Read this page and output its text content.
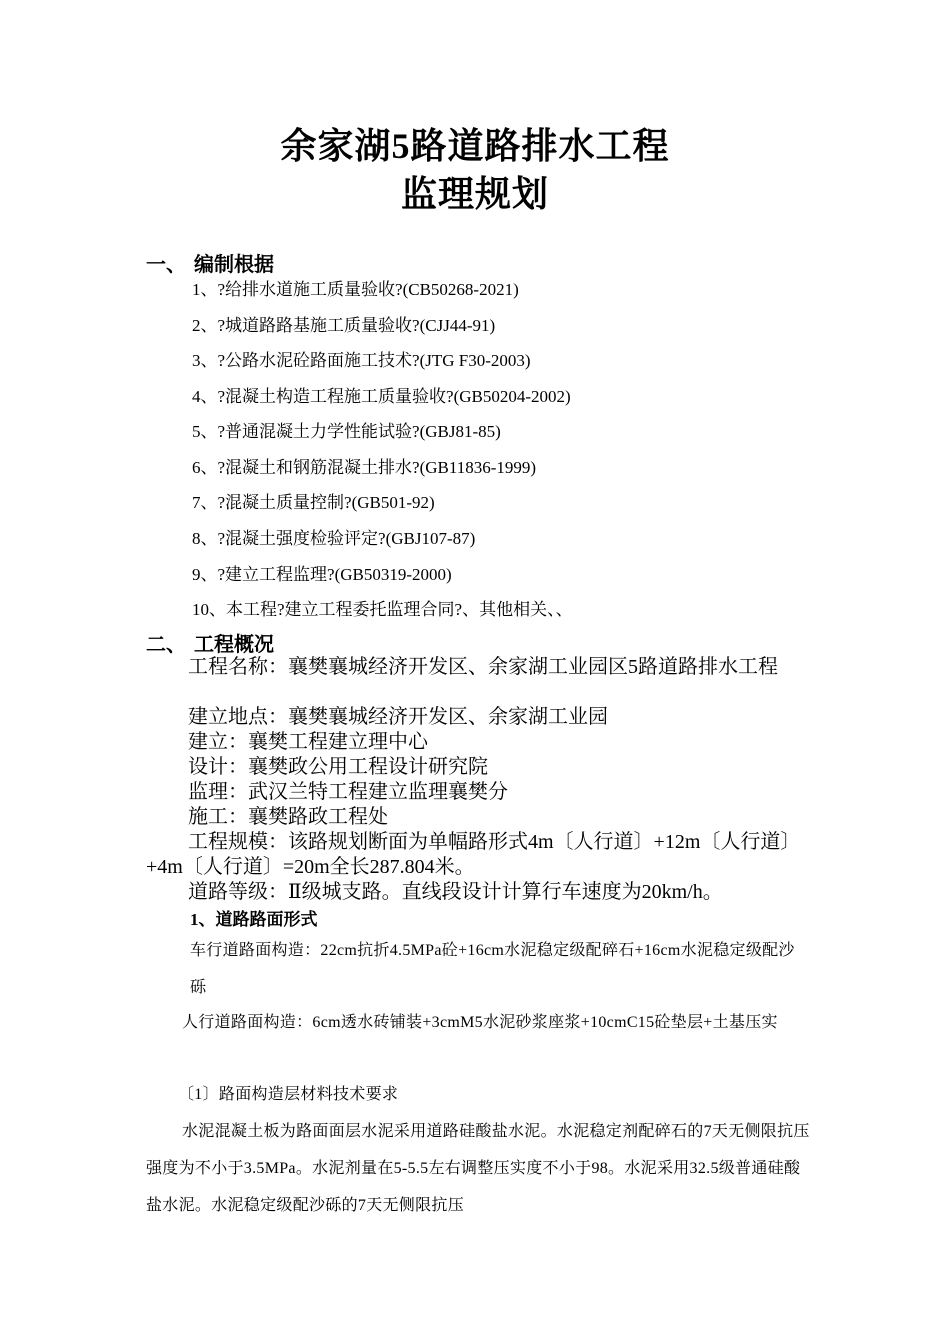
余家湖5路道路排水工程
监理规划
一、 编制根据
1、?给排水道施工质量验收?(CB50268-2021)
2、?城道路路基施工质量验收?(CJJ44-91)
3、?公路水泥砼路面施工技术?(JTG F30-2003)
4、?混凝土构造工程施工质量验收?(GB50204-2002)
5、?普通混凝土力学性能试验?(GBJ81-85)
6、?混凝土和钢筋混凝土排水?(GB11836-1999)
7、?混凝土质量控制?(GB501-92)
8、?混凝土强度检验评定?(GBJ107-87)
9、?建立工程监理?(GB50319-2000)
10、本工程?建立工程委托监理合同?、其他相关、、
二、 工程概况
工程名称：襄樊襄城经济开发区、余家湖工业园区5路道路排水工程
建立地点：襄樊襄城经济开发区、余家湖工业园
建立：襄樊工程建立理中心
设计：襄樊政公用工程设计研究院
监理：武汉兰特工程建立监理襄樊分
施工：襄樊路政工程处
工程规模：该路规划断面为单幅路形式4m〔人行道〕+12m〔人行道〕+4m〔人行道〕=20m全长287.804米。
道路等级：Ⅱ级城支路。直线段设计计算行车速度为20km/h。
1、道路路面形式
车行道路面构造：22cm抗折4.5MPa砼+16cm水泥稳定级配碎石+16cm水泥稳定级配沙砾
人行道路面构造：6cm透水砖铺装+3cmM5水泥砂浆座浆+10cmC15砼垫层+土基压实
〔1〕路面构造层材料技术要求
水泥混凝土板为路面面层水泥采用道路硅酸盐水泥。水泥稳定剂配碎石的7天无侧限抗压强度为不小于3.5MPa。水泥剂量在5-5.5左右调整压实度不小于98。水泥采用32.5级普通硅酸盐水泥。水泥稳定级配沙砾的7天无侧限抗压
